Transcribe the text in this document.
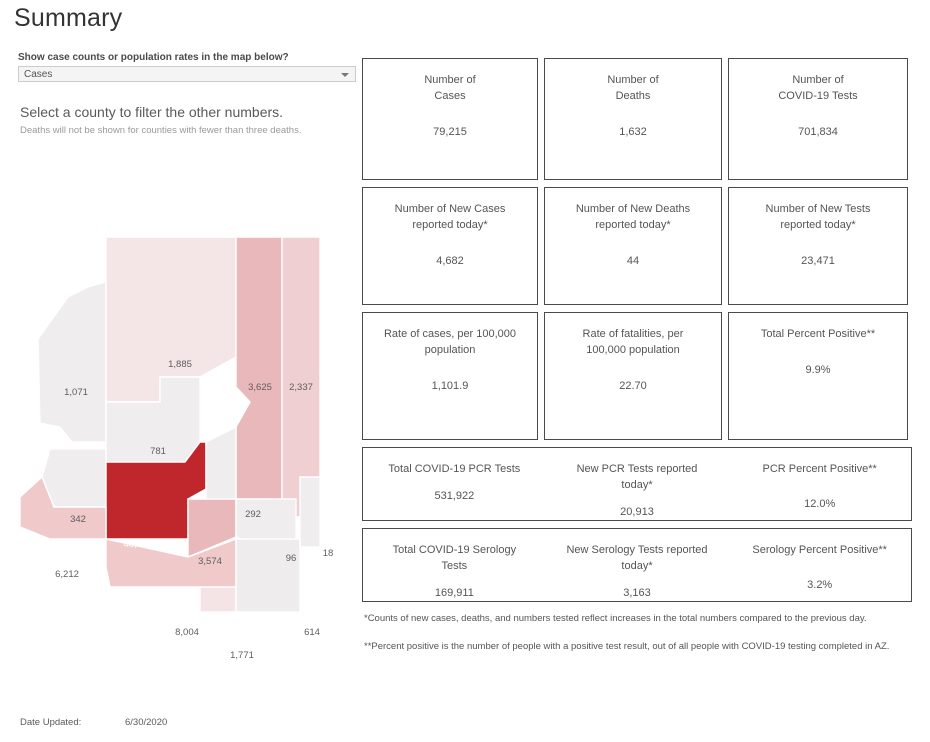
Summary
Show case counts or population rates in the map below?
Cases
Select a county to filter the other numbers.
Deaths will not be shown for counties with fewer than three deaths.
1,071
1,885
3,625 2,337
781
342
48,592
292
6,212
3,574	96	18
8,004
1,771
614
Date Updated:	6/30/2020
Number of
Cases
79,215
Number of
Deaths
1,632
Number of
COVID-19 Tests
701,834
Number of New Cases
reported today*
4,682
Number of New Deaths
reported today*
44
Number of New Tests
reported today*
23,471
Rate of cases, per 100,000
population
1,101.9
Rate of fatalities, per
100,000 population
22.70
Total Percent Positive**
9.9%
Total COVID-19 PCR Tests
531,922
New PCR Tests reported
today*
20,913
PCR Percent Positive**
12.0%
Total COVID-19 Serology
Tests
169,911
New Serology Tests reported
today*
3,163
Serology Percent Positive**
3.2%
*Counts of new cases, deaths, and numbers tested reflect increases in the total numbers compared to the previous day.
**Percent positive is the number of people with a positive test result, out of all people with COVID-19 testing completed in AZ.
